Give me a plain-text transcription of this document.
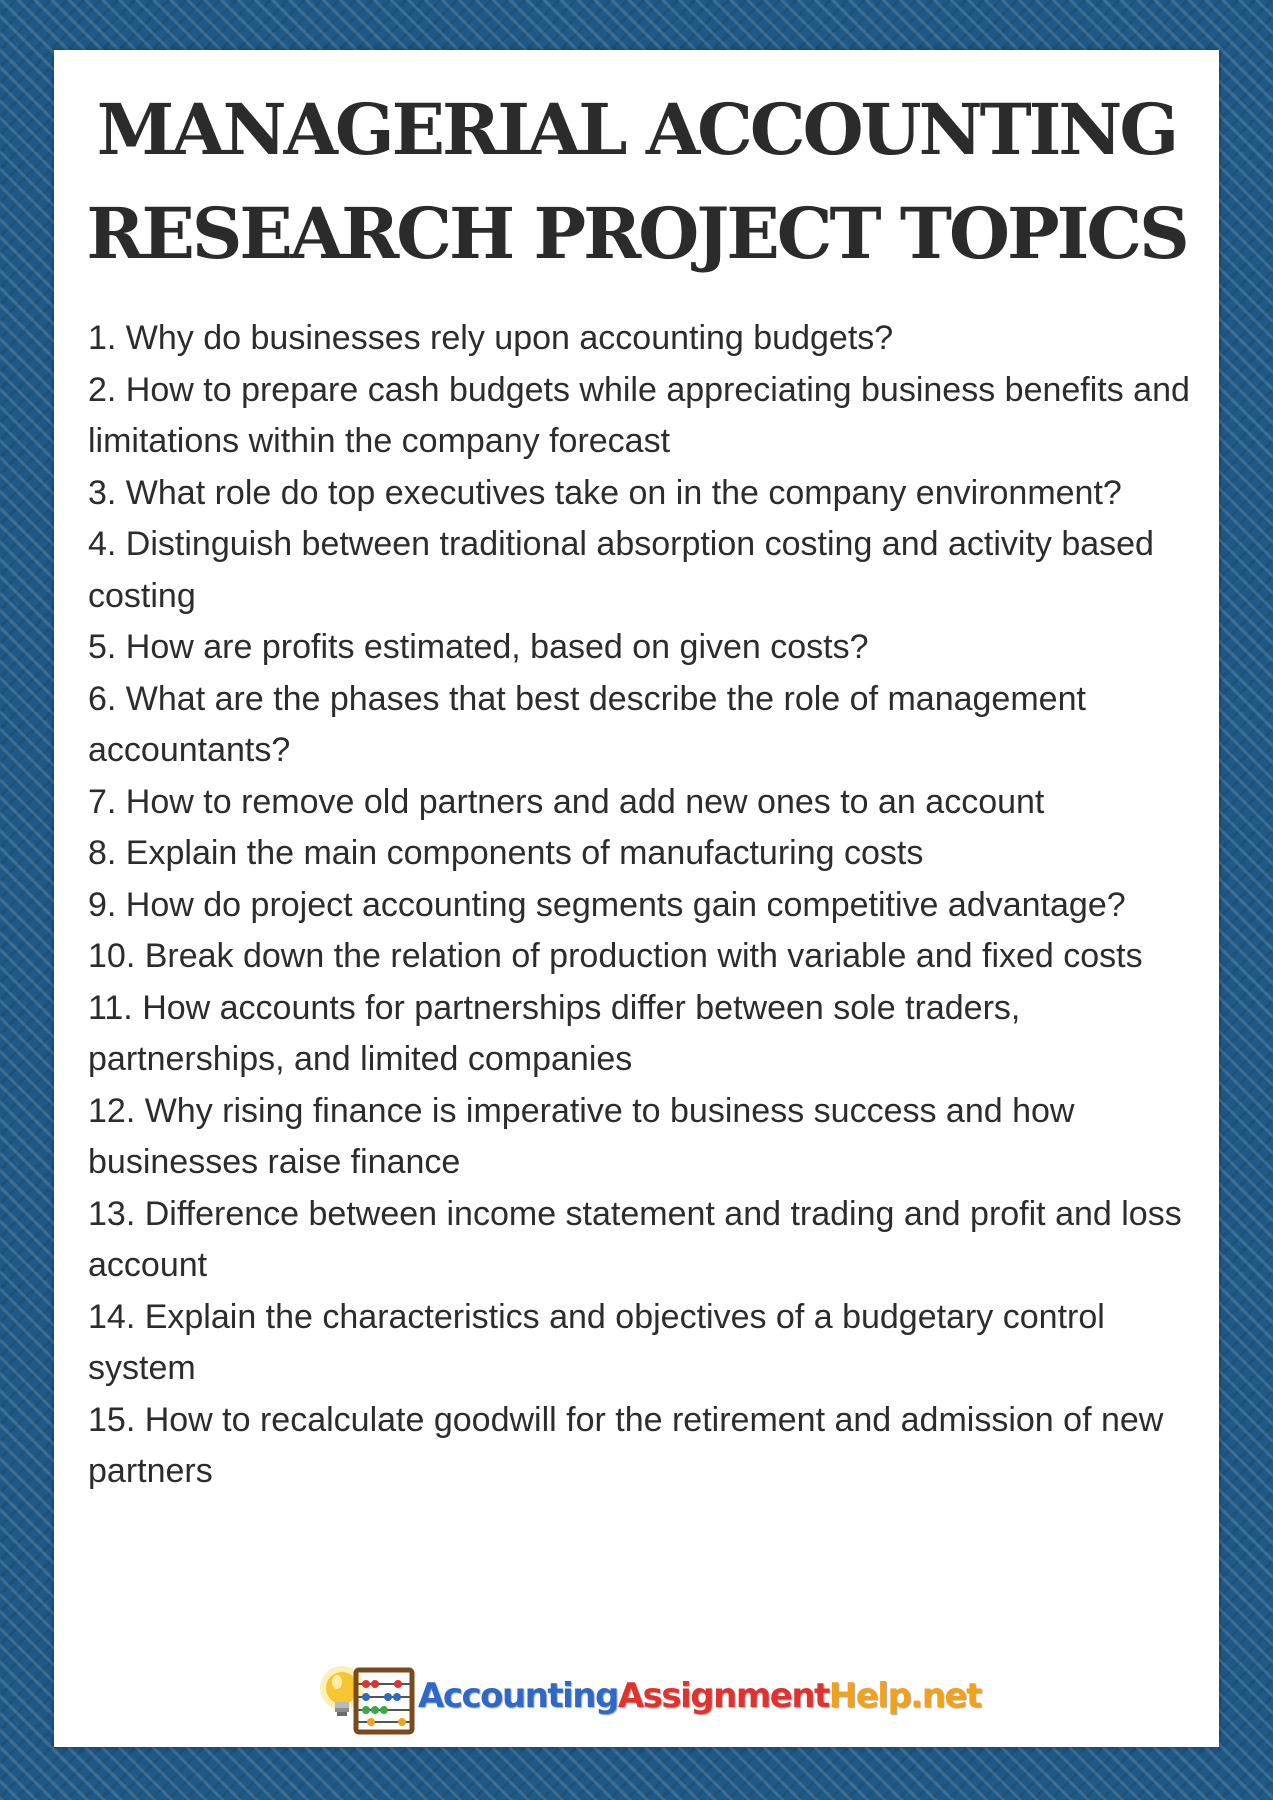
MANAGERIAL ACCOUNTING
RESEARCH PROJECT TOPICS
1. Why do businesses rely upon accounting budgets?
2. How to prepare cash budgets while appreciating business benefits and limitations within the company forecast
3. What role do top executives take on in the company environment?
4. Distinguish between traditional absorption costing and activity based costing
5. How are profits estimated, based on given costs?
6. What are the phases that best describe the role of management accountants?
7. How to remove old partners and add new ones to an account
8. Explain the main components of manufacturing costs
9. How do project accounting segments gain competitive advantage?
10. Break down the relation of production with variable and fixed costs
11. How accounts for partnerships differ between sole traders, partnerships, and limited companies
12. Why rising finance is imperative to business success and how businesses raise finance
13. Difference between income statement and trading and profit and loss account
14. Explain the characteristics and objectives of a budgetary control system
15. How to recalculate goodwill for the retirement and admission of new partners
AccountingAssignmentHelp.net
